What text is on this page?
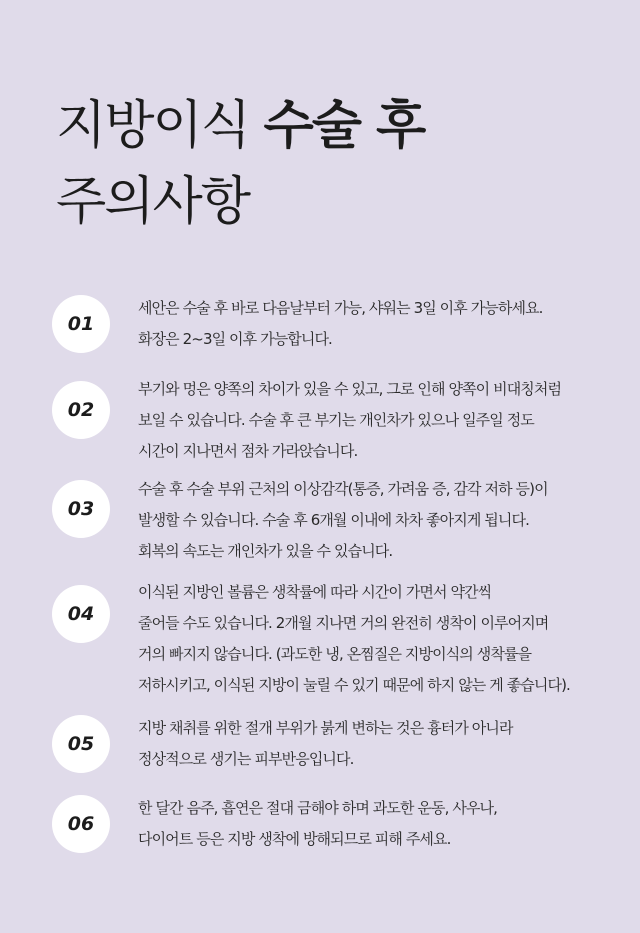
지방이식 수술 후
주의사항
01
세안은 수술 후 바로 다음날부터 가능, 샤워는 3일 이후 가능하세요.
화장은 2~3일 이후 가능합니다.
02
부기와 멍은 양쪽의 차이가 있을 수 있고, 그로 인해 양쪽이 비대칭처럼
보일 수 있습니다. 수술 후 큰 부기는 개인차가 있으나 일주일 정도
시간이 지나면서 점차 가라앉습니다.
03
수술 후 수술 부위 근처의 이상감각(통증, 가려움 증, 감각 저하 등)이
발생할 수 있습니다. 수술 후 6개월 이내에 차차 좋아지게 됩니다.
회복의 속도는 개인차가 있을 수 있습니다.
04
이식된 지방인 볼륨은 생착률에 따라 시간이 가면서 약간씩
줄어들 수도 있습니다. 2개월 지나면 거의 완전히 생착이 이루어지며
거의 빠지지 않습니다. (과도한 냉, 온찜질은 지방이식의 생착률을
저하시키고, 이식된 지방이 눌릴 수 있기 때문에 하지 않는 게 좋습니다).
05
지방 채취를 위한 절개 부위가 붉게 변하는 것은 흉터가 아니라
정상적으로 생기는 피부반응입니다.
06
한 달간 음주, 흡연은 절대 금해야 하며 과도한 운동, 사우나,
다이어트 등은 지방 생착에 방해되므로 피해 주세요.
